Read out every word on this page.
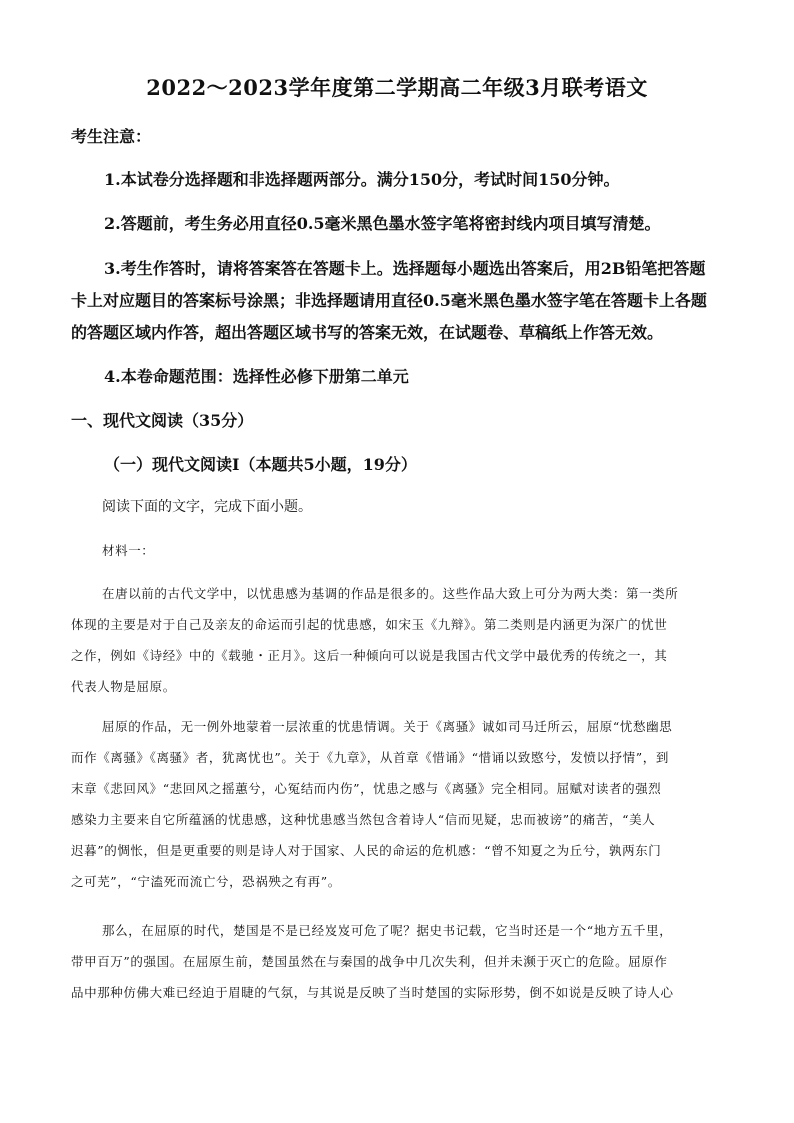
2022～2023学年度第二学期高二年级3月联考语文
考生注意：
1.本试卷分选择题和非选择题两部分。满分150分，考试时间150分钟。
2.答题前，考生务必用直径0.5毫米黑色墨水签字笔将密封线内项目填写清楚。
3.考生作答时，请将答案答在答题卡上。选择题每小题选出答案后，用2B铅笔把答题
卡上对应题目的答案标号涂黑；非选择题请用直径0.5毫米黑色墨水签字笔在答题卡上各题
的答题区域内作答，超出答题区域书写的答案无效，在试题卷、草稿纸上作答无效。
4.本卷命题范围：选择性必修下册第二单元
一、现代文阅读（35分）
（一）现代文阅读Ⅰ（本题共5小题，19分）
阅读下面的文字，完成下面小题。
材料一：
在唐以前的古代文学中，以忧患感为基调的作品是很多的。这些作品大致上可分为两大类：第一类所
体现的主要是对于自己及亲友的命运而引起的忧患感，如宋玉《九辩》。第二类则是内涵更为深广的忧世
之作，例如《诗经》中的《载驰・正月》。这后一种倾向可以说是我国古代文学中最优秀的传统之一，其
代表人物是屈原。
屈原的作品，无一例外地蒙着一层浓重的忧患情调。关于《离骚》诚如司马迁所云，屈原“忧愁幽思
而作《离骚》《离骚》者，犹离忧也”。关于《九章》，从首章《惜诵》“惜诵以致愍兮，发愤以抒情”，到
末章《悲回风》“悲回风之摇蕙兮，心冤结而内伤”，忧患之感与《离骚》完全相同。屈赋对读者的强烈
感染力主要来自它所蕴涵的忧患感，这种忧患感当然包含着诗人“信而见疑，忠而被谤”的痛苦，“美人
迟暮”的惆怅，但是更重要的则是诗人对于国家、人民的命运的危机感：“曾不知夏之为丘兮，孰两东门
之可芜”，“宁溘死而流亡兮，恐祸殃之有再”。
那么，在屈原的时代，楚国是不是已经岌岌可危了呢？据史书记载，它当时还是一个“地方五千里，
带甲百万”的强国。在屈原生前，楚国虽然在与秦国的战争中几次失利，但并未濒于灭亡的危险。屈原作
品中那种仿佛大难已经迫于眉睫的气氛，与其说是反映了当时楚国的实际形势，倒不如说是反映了诗人心
